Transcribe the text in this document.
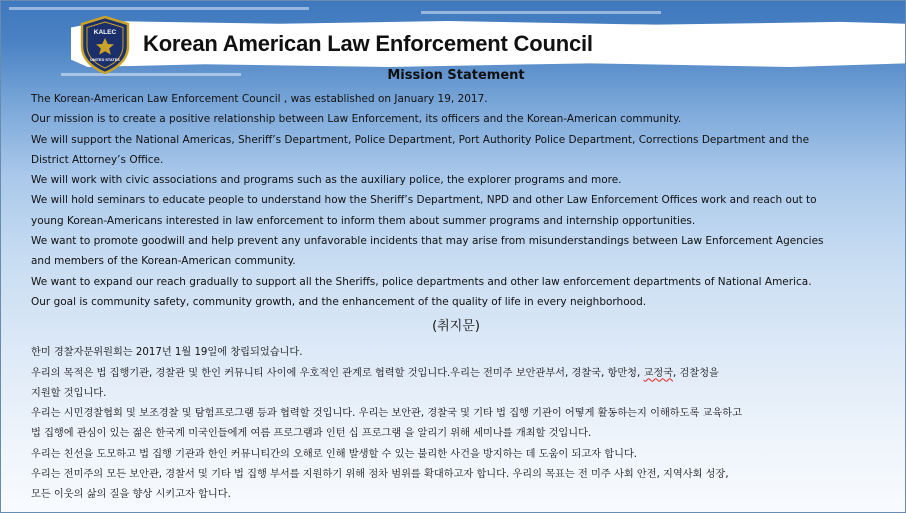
KALEC
UNITED STATES
Korean American Law Enforcement Council
Mission Statement

The Korean-American Law Enforcement Council , was established on January 19, 2017.

Our mission is to create a positive relationship between Law Enforcement, its officers and the Korean-American community.

We will support the National Americas, Sheriff’s Department, Police Department, Port Authority Police Department, Corrections Department and the

District Attorney’s Office.

We will work with civic associations and programs such as the auxiliary police, the explorer programs and more.

We will hold seminars to educate people to understand how the Sheriff’s Department, NPD and other Law Enforcement Offices work and reach out to

young Korean-Americans interested in law enforcement to inform them about summer programs and internship opportunities.

We want to promote goodwill and help prevent any unfavorable incidents that may arise from misunderstandings between Law Enforcement Agencies

and members of the Korean-American community.

We want to expand our reach gradually to support all the Sheriffs, police departments and other law enforcement departments of National America.

Our goal is community safety, community growth, and the enhancement of the quality of life in every neighborhood.

(취지문)

한미 경찰자문위원회는 2017년 1월 19일에 창립되었습니다.

우리의 목적은 법 집행기관, 경찰관 및 한인 커뮤니티 사이에 우호적인 관계로 협력할 것입니다.우리는 전미주 보안관부서, 경찰국, 항만청, 교정국, 검찰청을

지원할 것입니다.

우리는 시민경찰협회 및 보조경찰 및 탐험프로그램 등과 협력할 것입니다. 우리는 보안관, 경찰국 및 기타 법 집행 기관이 어떻게 활동하는지 이해하도록 교육하고

법 집행에 관심이 있는 젊은 한국계 미국인들에게 여름 프로그램과 인턴 십 프로그램 을 알리기 위해 세미나를 개최할 것입니다.

우리는 친선을 도모하고 법 집행 기관과 한인 커뮤니티간의 오해로 인해 발생할 수 있는 불리한 사건을 방지하는 데 도움이 되고자 합니다.

우리는 전미주의 모든 보안관, 경찰서 및 기타 법 집행 부서를 지원하기 위해 점차 범위를 확대하고자 합니다. 우리의 목표는 전 미주 사회 안전, 지역사회 성장,

모든 이웃의 삶의 질을 향상 시키고자 합니다.
